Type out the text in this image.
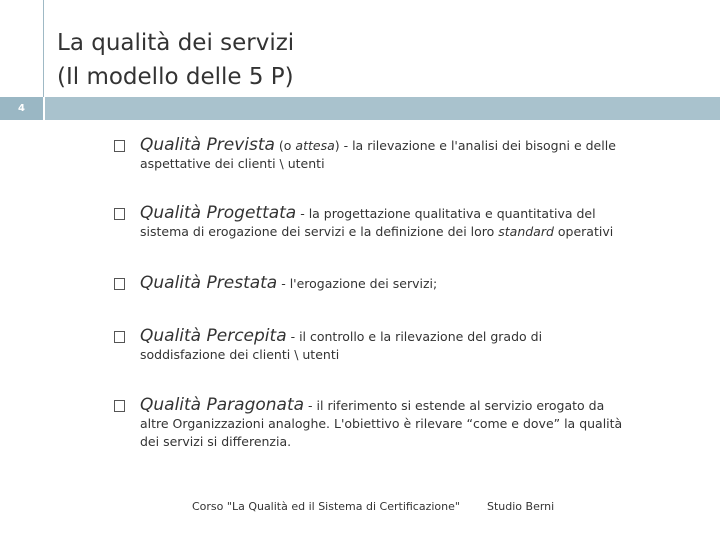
La qualità dei servizi
(Il modello delle 5 P)
4
Qualità Prevista (o attesa) - la rilevazione e l'analisi dei bisogni e delle
aspettative dei clienti \ utenti
Qualità Progettata - la progettazione qualitativa e quantitativa del
sistema di erogazione dei servizi e la definizione dei loro standard operativi
Qualità Prestata - l'erogazione dei servizi;
Qualità Percepita - il controllo e la rilevazione del grado di
soddisfazione dei clienti \ utenti
Qualità Paragonata - il riferimento si estende al servizio erogato da
altre Organizzazioni analoghe. L'obiettivo è rilevare “come e dove” la qualità
dei servizi si differenzia.
Corso "La Qualità ed il Sistema di Certificazione" Studio Berni
